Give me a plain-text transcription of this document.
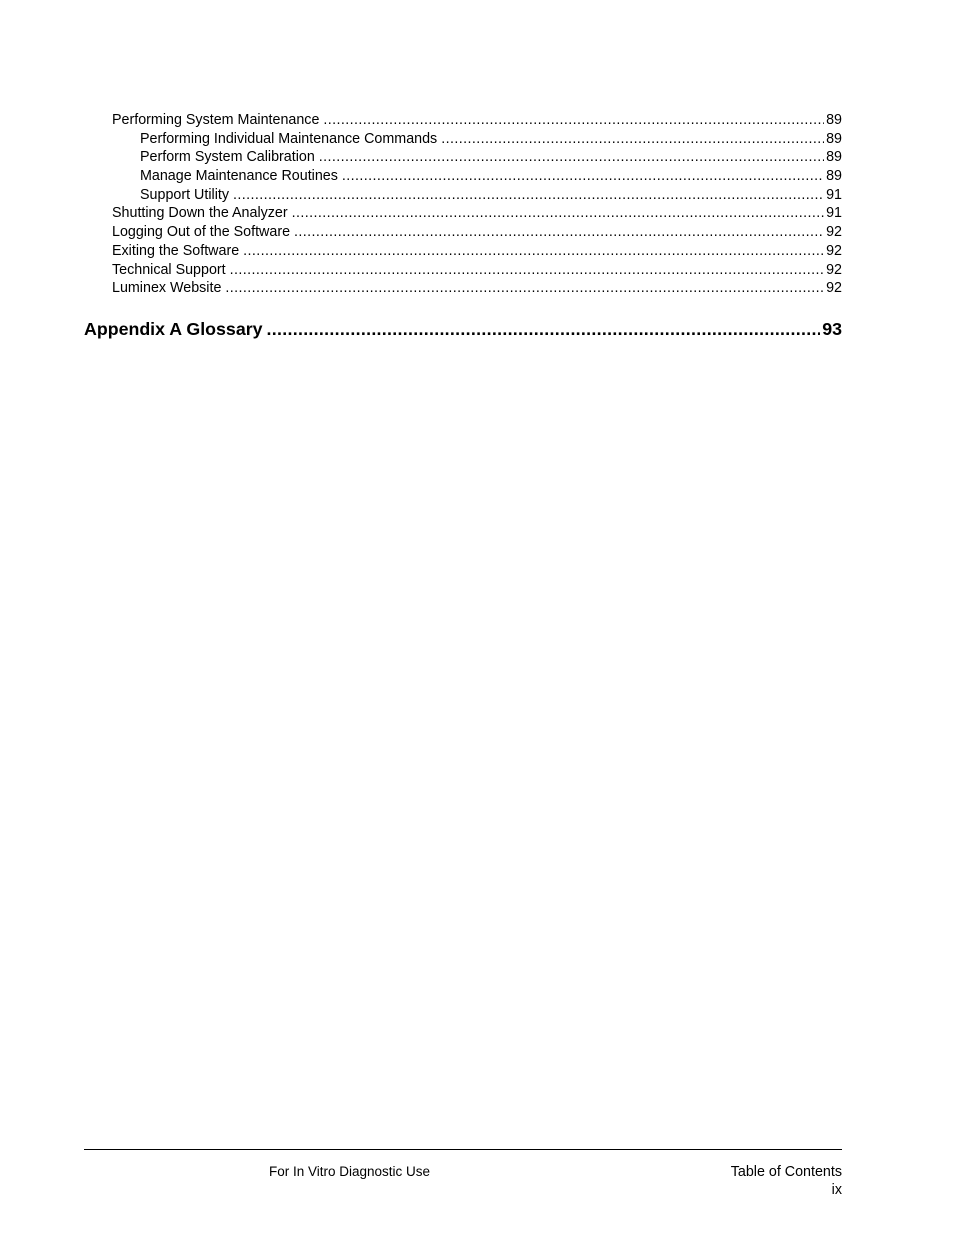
Performing System Maintenance .....	89
Performing Individual Maintenance Commands .....	89
Perform System Calibration .....	89
Manage Maintenance Routines .....	89
Support Utility .....	91
Shutting Down the Analyzer .....	91
Logging Out of the Software .....	92
Exiting the Software .....	92
Technical Support .....	92
Luminex Website .....	92
Appendix A Glossary .....	93
For In Vitro Diagnostic Use	Table of Contents
ix
